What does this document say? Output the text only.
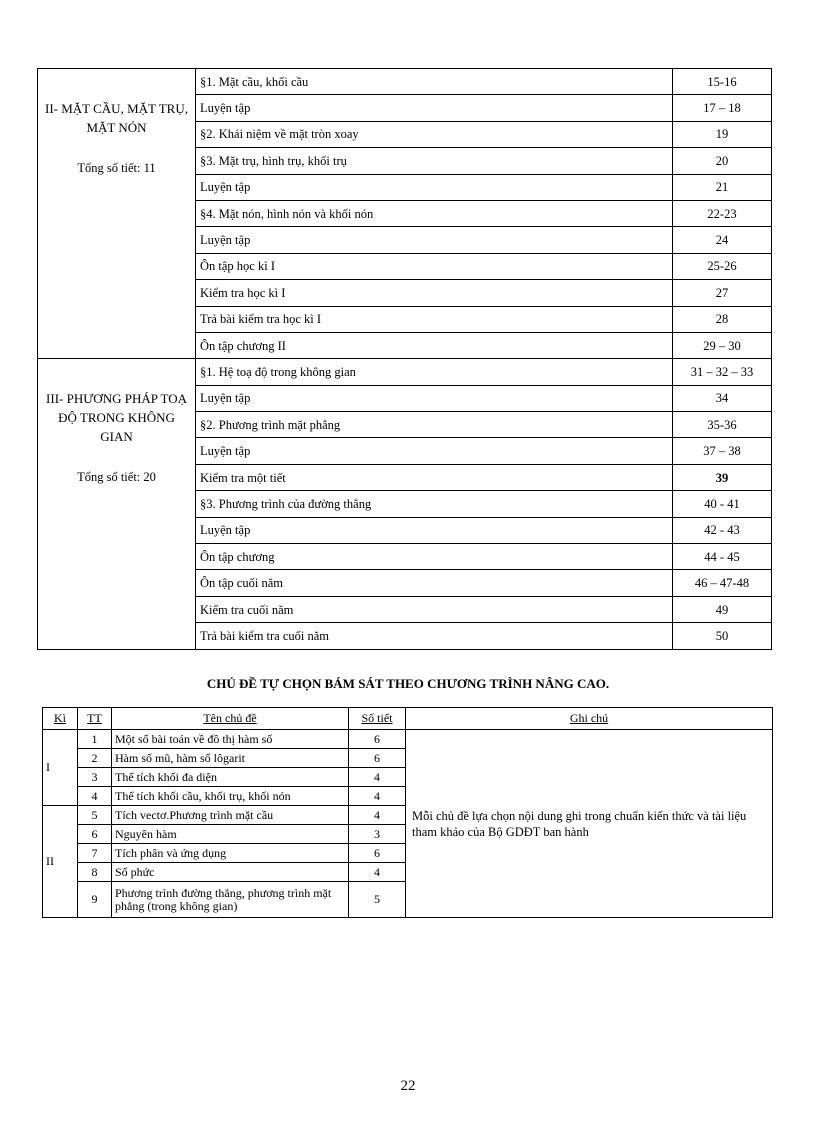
II- MẶT CẦU, MẶT TRỤ, MẶT NÓN
Tổng số tiết: 11	§1. Mặt cầu, khối cầu	15-16
	Luyện tập	17 – 18
	§2. Khái niệm về mặt tròn xoay	19
	§3. Mặt trụ, hình trụ, khối trụ	20
	Luyện tập	21
	§4. Mặt nón, hình nón và khối nón	22-23
	Luyện tập	24
	Ôn tập học kì I	25-26
	Kiểm tra học kì I	27
	Trả bài kiểm tra học kì I	28
	Ôn tập chương II	29 – 30
III- PHƯƠNG PHÁP TOẠ ĐỘ TRONG KHÔNG GIAN
Tổng số tiết: 20	§1. Hệ toạ độ trong không gian	31 – 32 – 33
	Luyện tập	34
	§2. Phương trình mặt phẳng	35-36
	Luyện tập	37 – 38
	Kiểm tra một tiết	39
	§3. Phương trình của đường thẳng	40 - 41
	Luyện tập	42 - 43
	Ôn tập chương	44 - 45
	Ôn tập cuối năm	46 – 47-48
	Kiểm tra cuối năm	49
	Trả bài kiểm tra cuối năm	50
CHỦ ĐỀ TỰ CHỌN BÁM SÁT THEO CHƯƠNG TRÌNH NÂNG CAO.
Kì	TT	Tên chủ đề	Số tiết	Ghi chú
I	1	Một số bài toán về đồ thị hàm số	6	Mỗi chủ đề lựa chọn nội dung ghi trong chuẩn kiến thức và tài liệu tham khảo của Bộ GDĐT ban hành
	2	Hàm số mũ, hàm số lôgarit	6	
	3	Thể tích khối đa diện	4	
	4	Thể tích khối cầu, khối trụ, khối nón	4	
II	5	Tích vectơ.Phương trình mặt cầu	4	
	6	Nguyên hàm	3	
	7	Tích phân và ứng dụng	6	
	8	Số phức	4	
	9	Phương trình đường thẳng, phương trình mặt phẳng (trong không gian)	5	
22
